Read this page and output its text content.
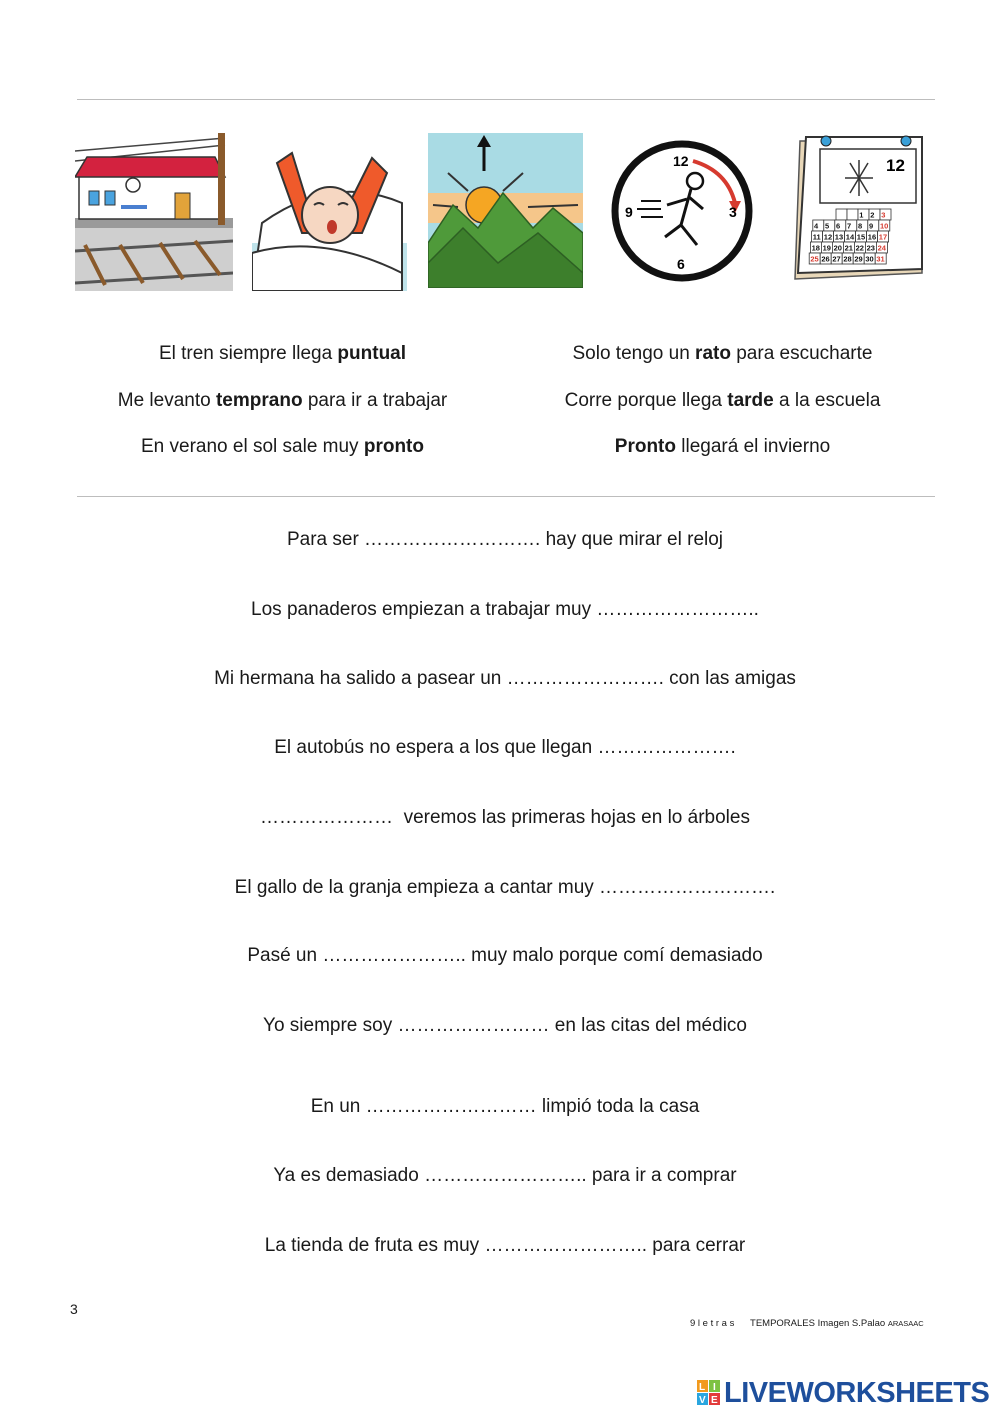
12
3
6
9
12
1 2 3
4 5 6 7 8 9 10
11 12 13 14 15 16 17
18 19 20 21 22 23 24
25 26 27 28 29 30 31
El tren siempre llega puntual
Me levanto temprano para ir a trabajar
En verano el sol sale muy pronto
Solo tengo un rato para escucharte
Corre porque llega tarde a la escuela
Pronto llegará el invierno
Para ser ………………………. hay que mirar el reloj
Los panaderos empiezan a trabajar muy ……………………..
Mi hermana ha salido a pasear un ……………………. con las amigas
El autobús no espera a los que llegan ………………….
…………………  veremos las primeras hojas en lo árboles
El gallo de la granja empieza a cantar muy ……………………….
Pasé un ………………….. muy malo porque comí demasiado
Yo siempre soy …………………… en las citas del médico
En un ……………………… limpió toda la casa
Ya es demasiado …………………….. para ir a comprar
La tienda de fruta es muy …………………….. para cerrar
3
9 l e t r a s TEMPORALES Imagen S.Palao ARASAAC
L I
V E LIVEWORKSHEETS
